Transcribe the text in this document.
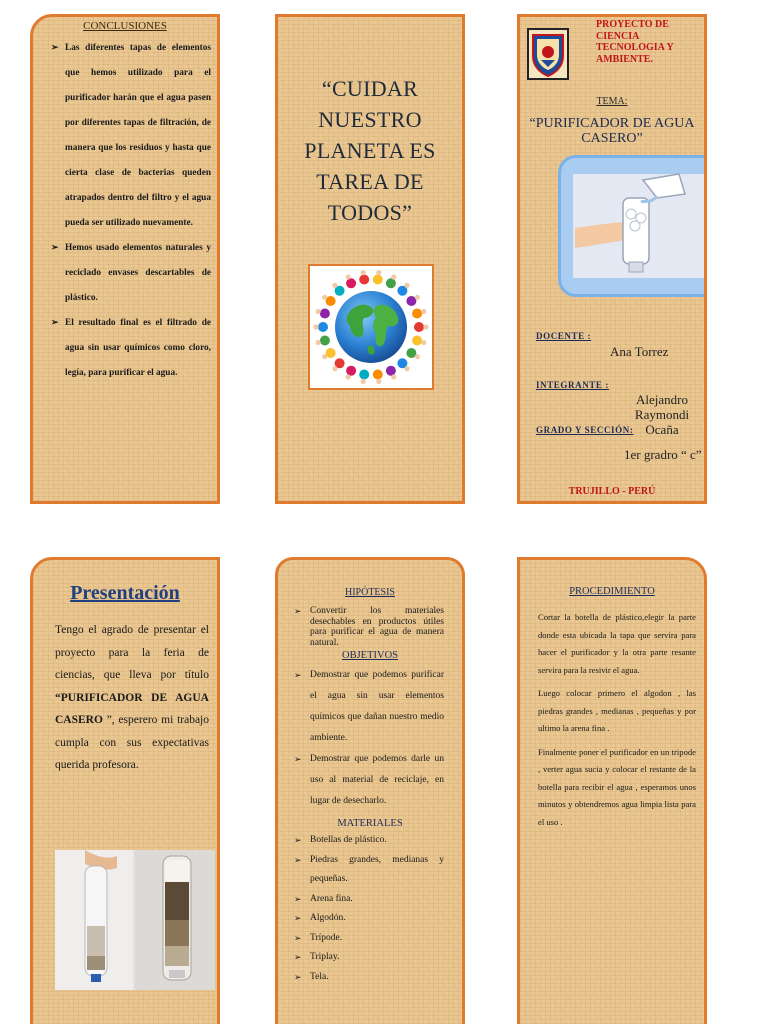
CONCLUSIONES

➢ Las diferentes tapas de elementos que hemos utilizado para el purificador harán que el agua pasen por diferentes tapas de filtración, de manera que los residuos y hasta que cierta clase de bacterias queden atrapados dentro del filtro y el agua pueda ser utilizado nuevamente.
➢ Hemos usado elementos naturales y reciclado envases descartables de plástico.
➢ El resultado final es el filtrado de agua sin usar químicos como cloro, legía, para purificar el agua.
“CUIDAR NUESTRO PLANETA ES TAREA DE TODOS”
PROYECTO DE CIENCIA TECNOLOGIA Y AMBIENTE.
TEMA:
“PURIFICADOR DE AGUA CASERO”
DOCENTE :
Ana Torrez
INTEGRANTE :
Alejandro Raymondi Ocaña
GRADO Y SECCIÓN:
1er gradro “ c”
TRUJILLO - PERÚ
Presentación
Tengo el agrado de presentar el proyecto para la feria de ciencias, que lleva por título “PURIFICADOR DE AGUA CASERO ”, esperero mi trabajo cumpla con sus expectativas querida profesora.

HIPÓTESIS

➢ Convertir los materiales desechables en productos útiles para purificar el agua de manera natural.

OBJETIVOS

➢ Demostrar que podemos purificar el agua sin usar elementos químicos que dañan nuestro medio ambiente.
➢ Demostrar que podemos darle un uso al material de reciclaje, en lugar de desecharlo.

MATERIALES

➢ Botellas de plástico.
➢ Piedras grandes, medianas y pequeñas.
➢ Arena fina.
➢ Algodón.
➢ Trípode.
➢ Triplay.
➢ Tela.

PROCEDIMIENTO

Cortar la botella de plástico,elegir la parte donde esta ubicada la tapa que servira para hacer el purificador y la otra parte resante servira para la resivir el agua.

Luego colocar primero el algodon , las piedras grandes , medianas , pequeñas y por ultimo la arena fina .

Finalmente poner el purificador en un tripode , verter agua sucia y colocar el restante de la botella para recibir el agua , esperamos unos minutos y obtendremos agua limpia lista para el uso .
